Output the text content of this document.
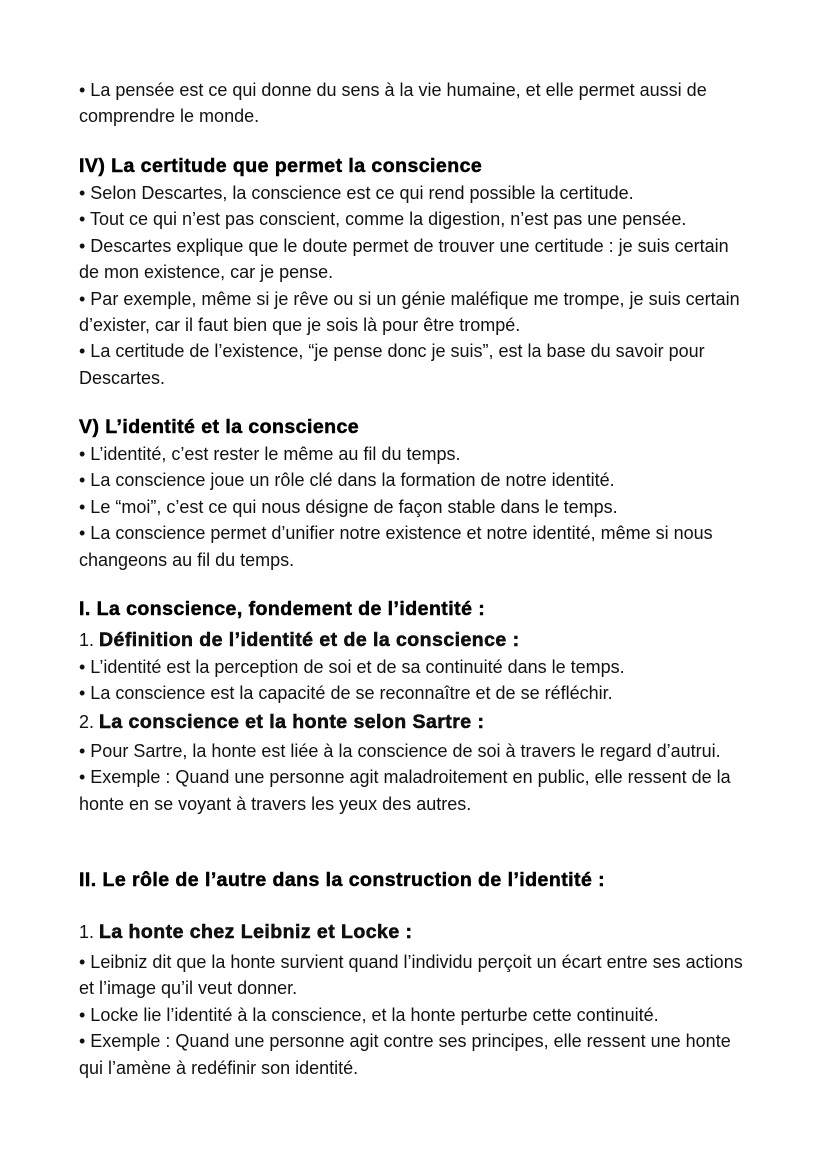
• La pensée est ce qui donne du sens à la vie humaine, et elle permet aussi de comprendre le monde.
IV) La certitude que permet la conscience
• Selon Descartes, la conscience est ce qui rend possible la certitude.
• Tout ce qui n’est pas conscient, comme la digestion, n’est pas une pensée.
• Descartes explique que le doute permet de trouver une certitude : je suis certain de mon existence, car je pense.
• Par exemple, même si je rêve ou si un génie maléfique me trompe, je suis certain d’exister, car il faut bien que je sois là pour être trompé.
• La certitude de l’existence, “je pense donc je suis”, est la base du savoir pour Descartes.
V) L’identité et la conscience
• L’identité, c’est rester le même au fil du temps.
• La conscience joue un rôle clé dans la formation de notre identité.
• Le “moi”, c’est ce qui nous désigne de façon stable dans le temps.
• La conscience permet d’unifier notre existence et notre identité, même si nous changeons au fil du temps.
I. La conscience, fondement de l’identité :
1. Définition de l’identité et de la conscience :
• L’identité est la perception de soi et de sa continuité dans le temps.
• La conscience est la capacité de se reconnaître et de se réfléchir.
2. La conscience et la honte selon Sartre :
• Pour Sartre, la honte est liée à la conscience de soi à travers le regard d’autrui.
• Exemple : Quand une personne agit maladroitement en public, elle ressent de la honte en se voyant à travers les yeux des autres.
II. Le rôle de l’autre dans la construction de l’identité :
1. La honte chez Leibniz et Locke :
• Leibniz dit que la honte survient quand l’individu perçoit un écart entre ses actions et l’image qu’il veut donner.
• Locke lie l’identité à la conscience, et la honte perturbe cette continuité.
• Exemple : Quand une personne agit contre ses principes, elle ressent une honte qui l’amène à redéfinir son identité.
